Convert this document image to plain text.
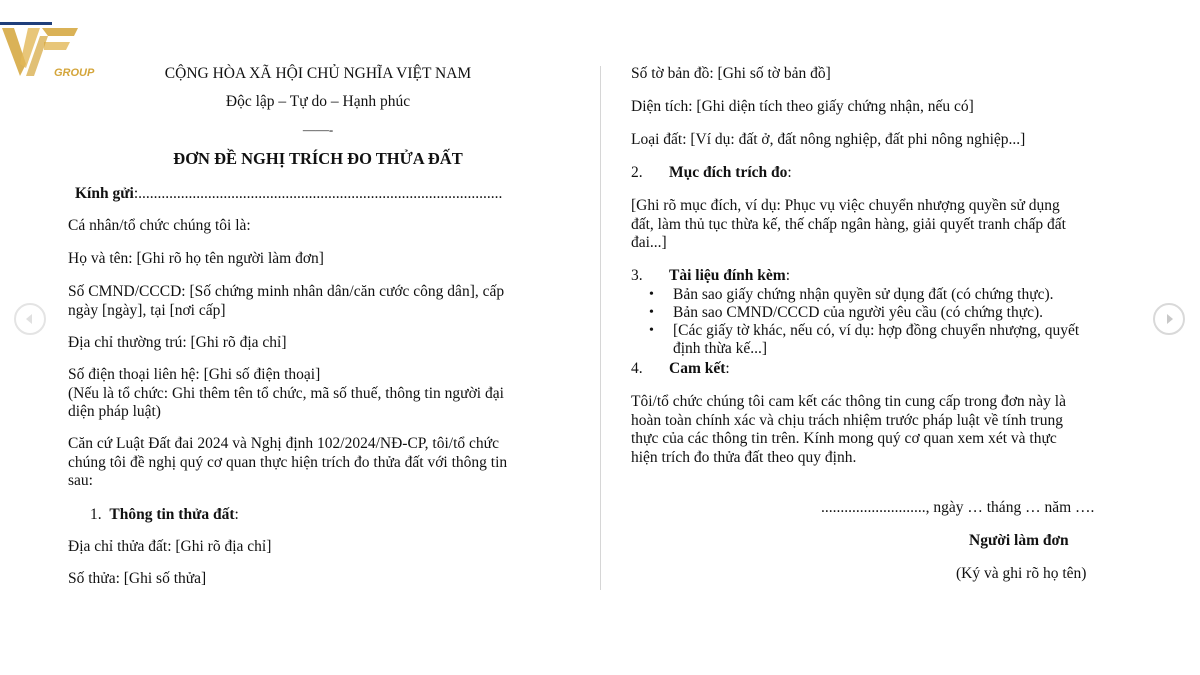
GROUP	CỘNG HÒA XÃ HỘI CHỦ NGHĨA VIỆT NAM
Độc lập – Tự do – Hạnh phúc
——-
ĐƠN ĐỀ NGHỊ TRÍCH ĐO THỬA ĐẤT
Kính gửi:..............................................................................................
Cá nhân/tổ chức chúng tôi là:
Họ và tên: [Ghi rõ họ tên người làm đơn]
Số CMND/CCCD: [Số chứng minh nhân dân/căn cước công dân], cấp
ngày [ngày], tại [nơi cấp]
Địa chỉ thường trú: [Ghi rõ địa chỉ]
Số điện thoại liên hệ: [Ghi số điện thoại]
(Nếu là tổ chức: Ghi thêm tên tổ chức, mã số thuế, thông tin người đại
diện pháp luật)
Căn cứ Luật Đất đai 2024 và Nghị định 102/2024/NĐ-CP, tôi/tổ chức
chúng tôi đề nghị quý cơ quan thực hiện trích đo thửa đất với thông tin
sau:
1. Thông tin thửa đất:
Địa chỉ thửa đất: [Ghi rõ địa chỉ]
Số thửa: [Ghi số thửa]
Số tờ bản đồ: [Ghi số tờ bản đồ]
Diện tích: [Ghi diện tích theo giấy chứng nhận, nếu có]
Loại đất: [Ví dụ: đất ở, đất nông nghiệp, đất phi nông nghiệp...]
2. Mục đích trích đo:
[Ghi rõ mục đích, ví dụ: Phục vụ việc chuyển nhượng quyền sử dụng
đất, làm thủ tục thừa kế, thế chấp ngân hàng, giải quyết tranh chấp đất
đai...]
3. Tài liệu đính kèm:
• Bản sao giấy chứng nhận quyền sử dụng đất (có chứng thực).
• Bản sao CMND/CCCD của người yêu cầu (có chứng thực).
• [Các giấy tờ khác, nếu có, ví dụ: hợp đồng chuyển nhượng, quyết
định thừa kế...]
4. Cam kết:
Tôi/tổ chức chúng tôi cam kết các thông tin cung cấp trong đơn này là
hoàn toàn chính xác và chịu trách nhiệm trước pháp luật về tính trung
thực của các thông tin trên. Kính mong quý cơ quan xem xét và thực
hiện trích đo thửa đất theo quy định.
..........................., ngày … tháng … năm ….
Người làm đơn
(Ký và ghi rõ họ tên)
